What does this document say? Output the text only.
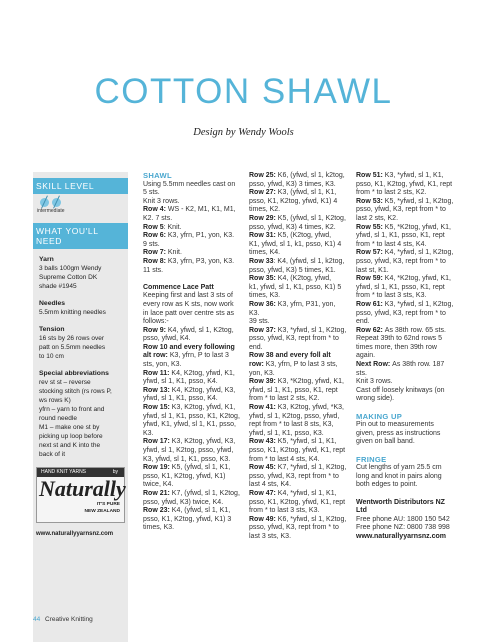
COTTON SHAWL
Design by Wendy Wools
SKILL LEVEL
intermediate
WHAT YOU'LL NEED
Yarn
3 balls 100gm Wendy
Supreme Cotton DK
shade #1945
Needles
5.5mm knitting needles
Tension
16 sts by 26 rows over
patt on 5.5mm needles
to 10 cm
Special abbreviations
rev st st – reverse
stocking stitch (rs rows P,
ws rows K)
yfrn – yarn to front and
round needle
M1 – make one st by
picking up loop before
next st and K into the
back of it
HAND KNIT YARNS	by
Naturally
IT'S PURE
NEW ZEALAND
www.naturallyyarnsnz.com
SHAWL
Using 5.5mm needles cast on
5 sts.
Knit 3 rows.
Row 4: WS - K2, M1, K1, M1,
K2. 7 sts.
Row 5: Knit.
Row 6: K3, yfrn, P1, yon, K3.
9 sts.
Row 7: Knit.
Row 8: K3, yfrn, P3, yon, K3.
11 sts.
Commence Lace Patt
Keeping first and last 3 sts of
every row as K sts, now work
in lace patt over centre sts as
follows:-
Row 9: K4, yfwd, sl 1, K2tog,
psso, yfwd, K4.
Row 10 and every following
alt row: K3, yfrn, P to last 3
sts, yon, K3.
Row 11: K4, K2tog, yfwd, K1,
yfwd, sl 1, K1, psso, K4.
Row 13: K4, K2tog, yfwd, K3,
yfwd, sl 1, K1, psso, K4.
Row 15: K3, K2tog, yfwd, K1,
yfwd, sl 1, K1, psso, K1, K2tog,
yfwd, K1, yfwd, sl 1, K1, psso,
K3.
Row 17: K3, K2tog, yfwd, K3,
yfwd, sl 1, K2tog, psso, yfwd,
K3, yfwd, sl 1, K1, psso, K3.
Row 19: K5, (yfwd, sl 1, K1,
psso, K1, K2tog, yfwd, K1)
twice, K4.
Row 21: K7, (yfwd, sl 1, K2tog,
psso, yfwd, K3) twice, K4.
Row 23: K4, (yfwd, sl 1, K1,
psso, K1, K2tog, yfwd, K1) 3
times, K3.
Row 25: K6, (yfwd, sl 1, k2tog,
psso, yfwd, K3) 3 times, K3.
Row 27: K3, (yfwd, sl 1, K1,
psso, K1, K2tog, yfwd, K1) 4
times, K2.
Row 29: K5, (yfwd, sl 1, K2tog,
psso, yfwd, K3) 4 times, K2.
Row 31: K5, (K2tog, yfwd,
K1, yfwd, sl 1, k1, psso, K1) 4
times, K4.
Row 33: K4, (yfwd, sl 1, k2tog,
psso, yfwd, K3) 5 times, K1.
Row 35: K4, (K2tog, yfwd,
k1, yfwd, sl 1, K1, psso, K1) 5
times, K3.
Row 36: K3, yfrn, P31, yon, K3.
39 sts.
Row 37: K3, *yfwd, sl 1, K2tog,
psso, yfwd, K3, rept from * to
end.
Row 38 and every foll alt
row: K3, yfrn, P to last 3 sts,
yon, K3.
Row 39: K3, *K2tog, yfwd, K1,
yfwd, sl 1, K1, psso, K1, rept
from * to last 2 sts, K2.
Row 41: K3, K2tog, yfwd, *K3,
yfwd, sl 1, K2tog, psso, yfwd,
rept from * to last 8 sts, K3,
yfwd, sl 1, K1, psso, K3.
Row 43: K5, *yfwd, sl 1, K1,
psso, K1, K2tog, yfwd, K1, rept
from * to last 4 sts, K4.
Row 45: K7, *yfwd, sl 1, K2tog,
psso, yfwd, K3, rept from * to
last 4 sts, K4.
Row 47: K4, *yfwd, sl 1, K1,
psso, K1, K2tog, yfwd, K1, rept
from * to last 3 sts, K3.
Row 49: K6, *yfwd, sl 1, K2tog,
psso, yfwd, K3, rept from * to
last 3 sts, K3.
Row 51: K3, *yfwd, sl 1, K1,
psso, K1, K2tog, yfwd, K1, rept
from * to last 2 sts, K2.
Row 53: K5, *yfwd, sl 1, K2tog,
psso, yfwd, K3, rept from * to
last 2 sts, K2.
Row 55: K5, *K2tog, yfwd, K1,
yfwd, sl 1, K1, psso, K1, rept
from * to last 4 sts, K4.
Row 57: K4, *yfwd, sl 1, K2tog,
psso, yfwd, K3, rept from * to
last st, K1.
Row 59: K4, *K2tog, yfwd, K1,
yfwd, sl 1, K1, psso, K1, rept
from * to last 3 sts, K3.
Row 61: K3, *yfwd, sl 1, K2tog,
psso, yfwd, K3, rept from * to
end.
Row 62: As 38th row. 65 sts.
Repeat 39th to 62nd rows 5
times more, then 39th row
again.
Next Row: As 38th row. 187
sts.
Knit 3 rows.
Cast off loosely knitways (on
wrong side).
MAKING UP
Pin out to measurements
given, press as instructions
given on ball band.
FRINGE
Cut lengths of yarn 25.5 cm
long and knot in pairs along
both edges to point.
Wentworth Distributors NZ Ltd
Free phone AU: 1800 150 542
Free phone NZ: 0800 738 998
www.naturallyyarnsnz.com
44 Creative Knitting
